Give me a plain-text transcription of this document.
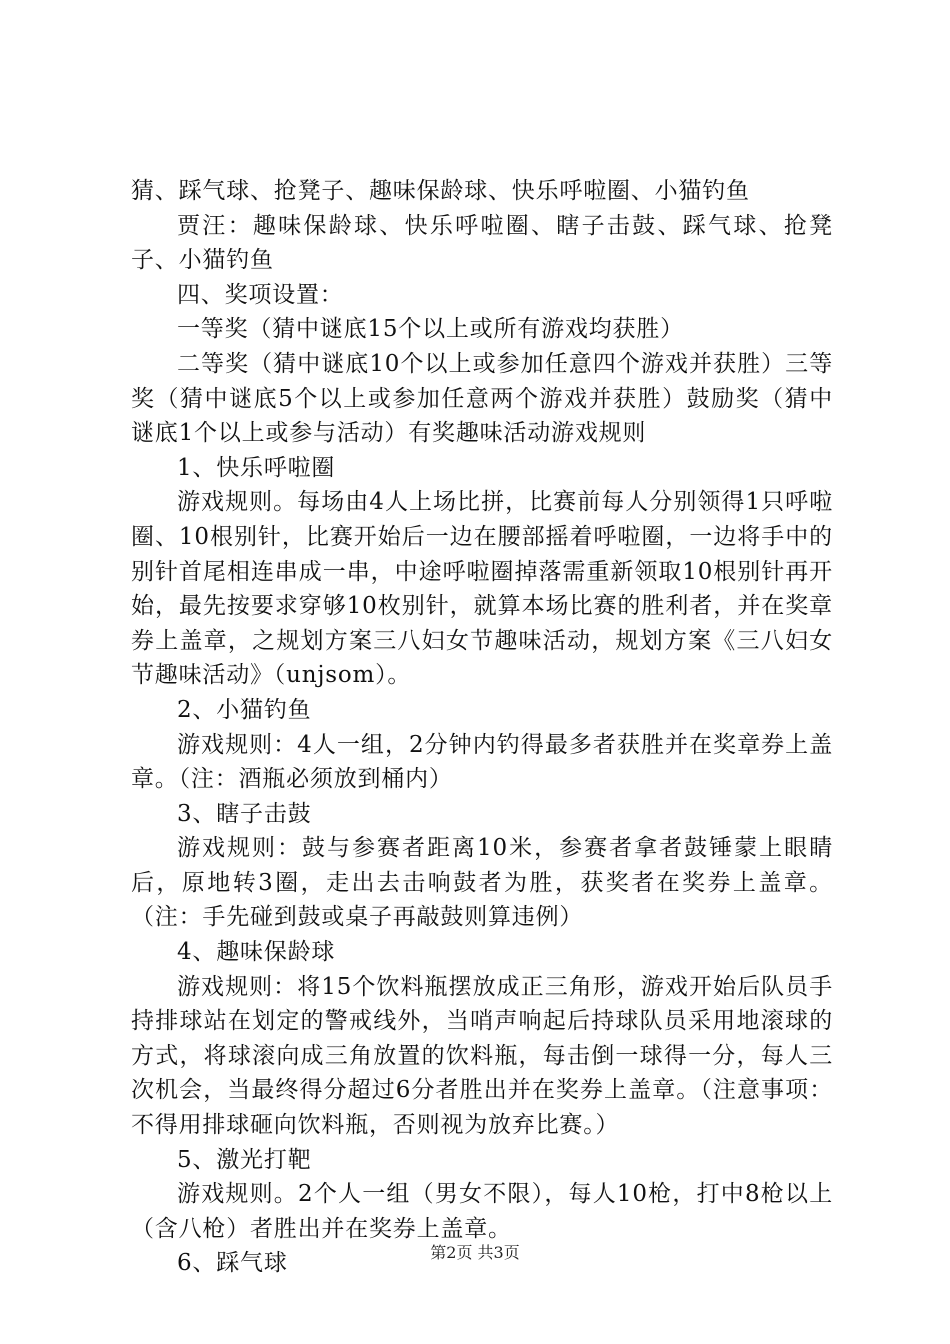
猜、踩气球、抢凳子、趣味保龄球、快乐呼啦圈、小猫钓鱼

贾汪：趣味保龄球、快乐呼啦圈、瞎子击鼓、踩气球、抢凳子、小猫钓鱼

四、奖项设置：

一等奖（猜中谜底15个以上或所有游戏均获胜）

二等奖（猜中谜底10个以上或参加任意四个游戏并获胜）三等奖（猜中谜底5个以上或参加任意两个游戏并获胜）鼓励奖（猜中谜底1个以上或参与活动）有奖趣味活动游戏规则

1、快乐呼啦圈

游戏规则。每场由4人上场比拼，比赛前每人分别领得1只呼啦圈、10根别针，比赛开始后一边在腰部摇着呼啦圈，一边将手中的别针首尾相连串成一串，中途呼啦圈掉落需重新领取10根别针再开始，最先按要求穿够10枚别针，就算本场比赛的胜利者，并在奖章券上盖章，之规划方案三八妇女节趣味活动，规划方案《三八妇女节趣味活动》（unjsom）。

2、小猫钓鱼

游戏规则：4人一组，2分钟内钓得最多者获胜并在奖章券上盖章。（注：酒瓶必须放到桶内）

3、瞎子击鼓

游戏规则：鼓与参赛者距离10米，参赛者拿者鼓锤蒙上眼睛后，原地转3圈，走出去击响鼓者为胜，获奖者在奖券上盖章。（注：手先碰到鼓或桌子再敲鼓则算违例）

4、趣味保龄球

游戏规则：将15个饮料瓶摆放成正三角形，游戏开始后队员手持排球站在划定的警戒线外，当哨声响起后持球队员采用地滚球的方式，将球滚向成三角放置的饮料瓶，每击倒一球得一分，每人三次机会，当最终得分超过6分者胜出并在奖券上盖章。（注意事项：不得用排球砸向饮料瓶，否则视为放弃比赛。）

5、激光打靶

游戏规则。2个人一组（男女不限），每人10枪，打中8枪以上（含八枪）者胜出并在奖券上盖章。

6、踩气球	第2页 共3页
